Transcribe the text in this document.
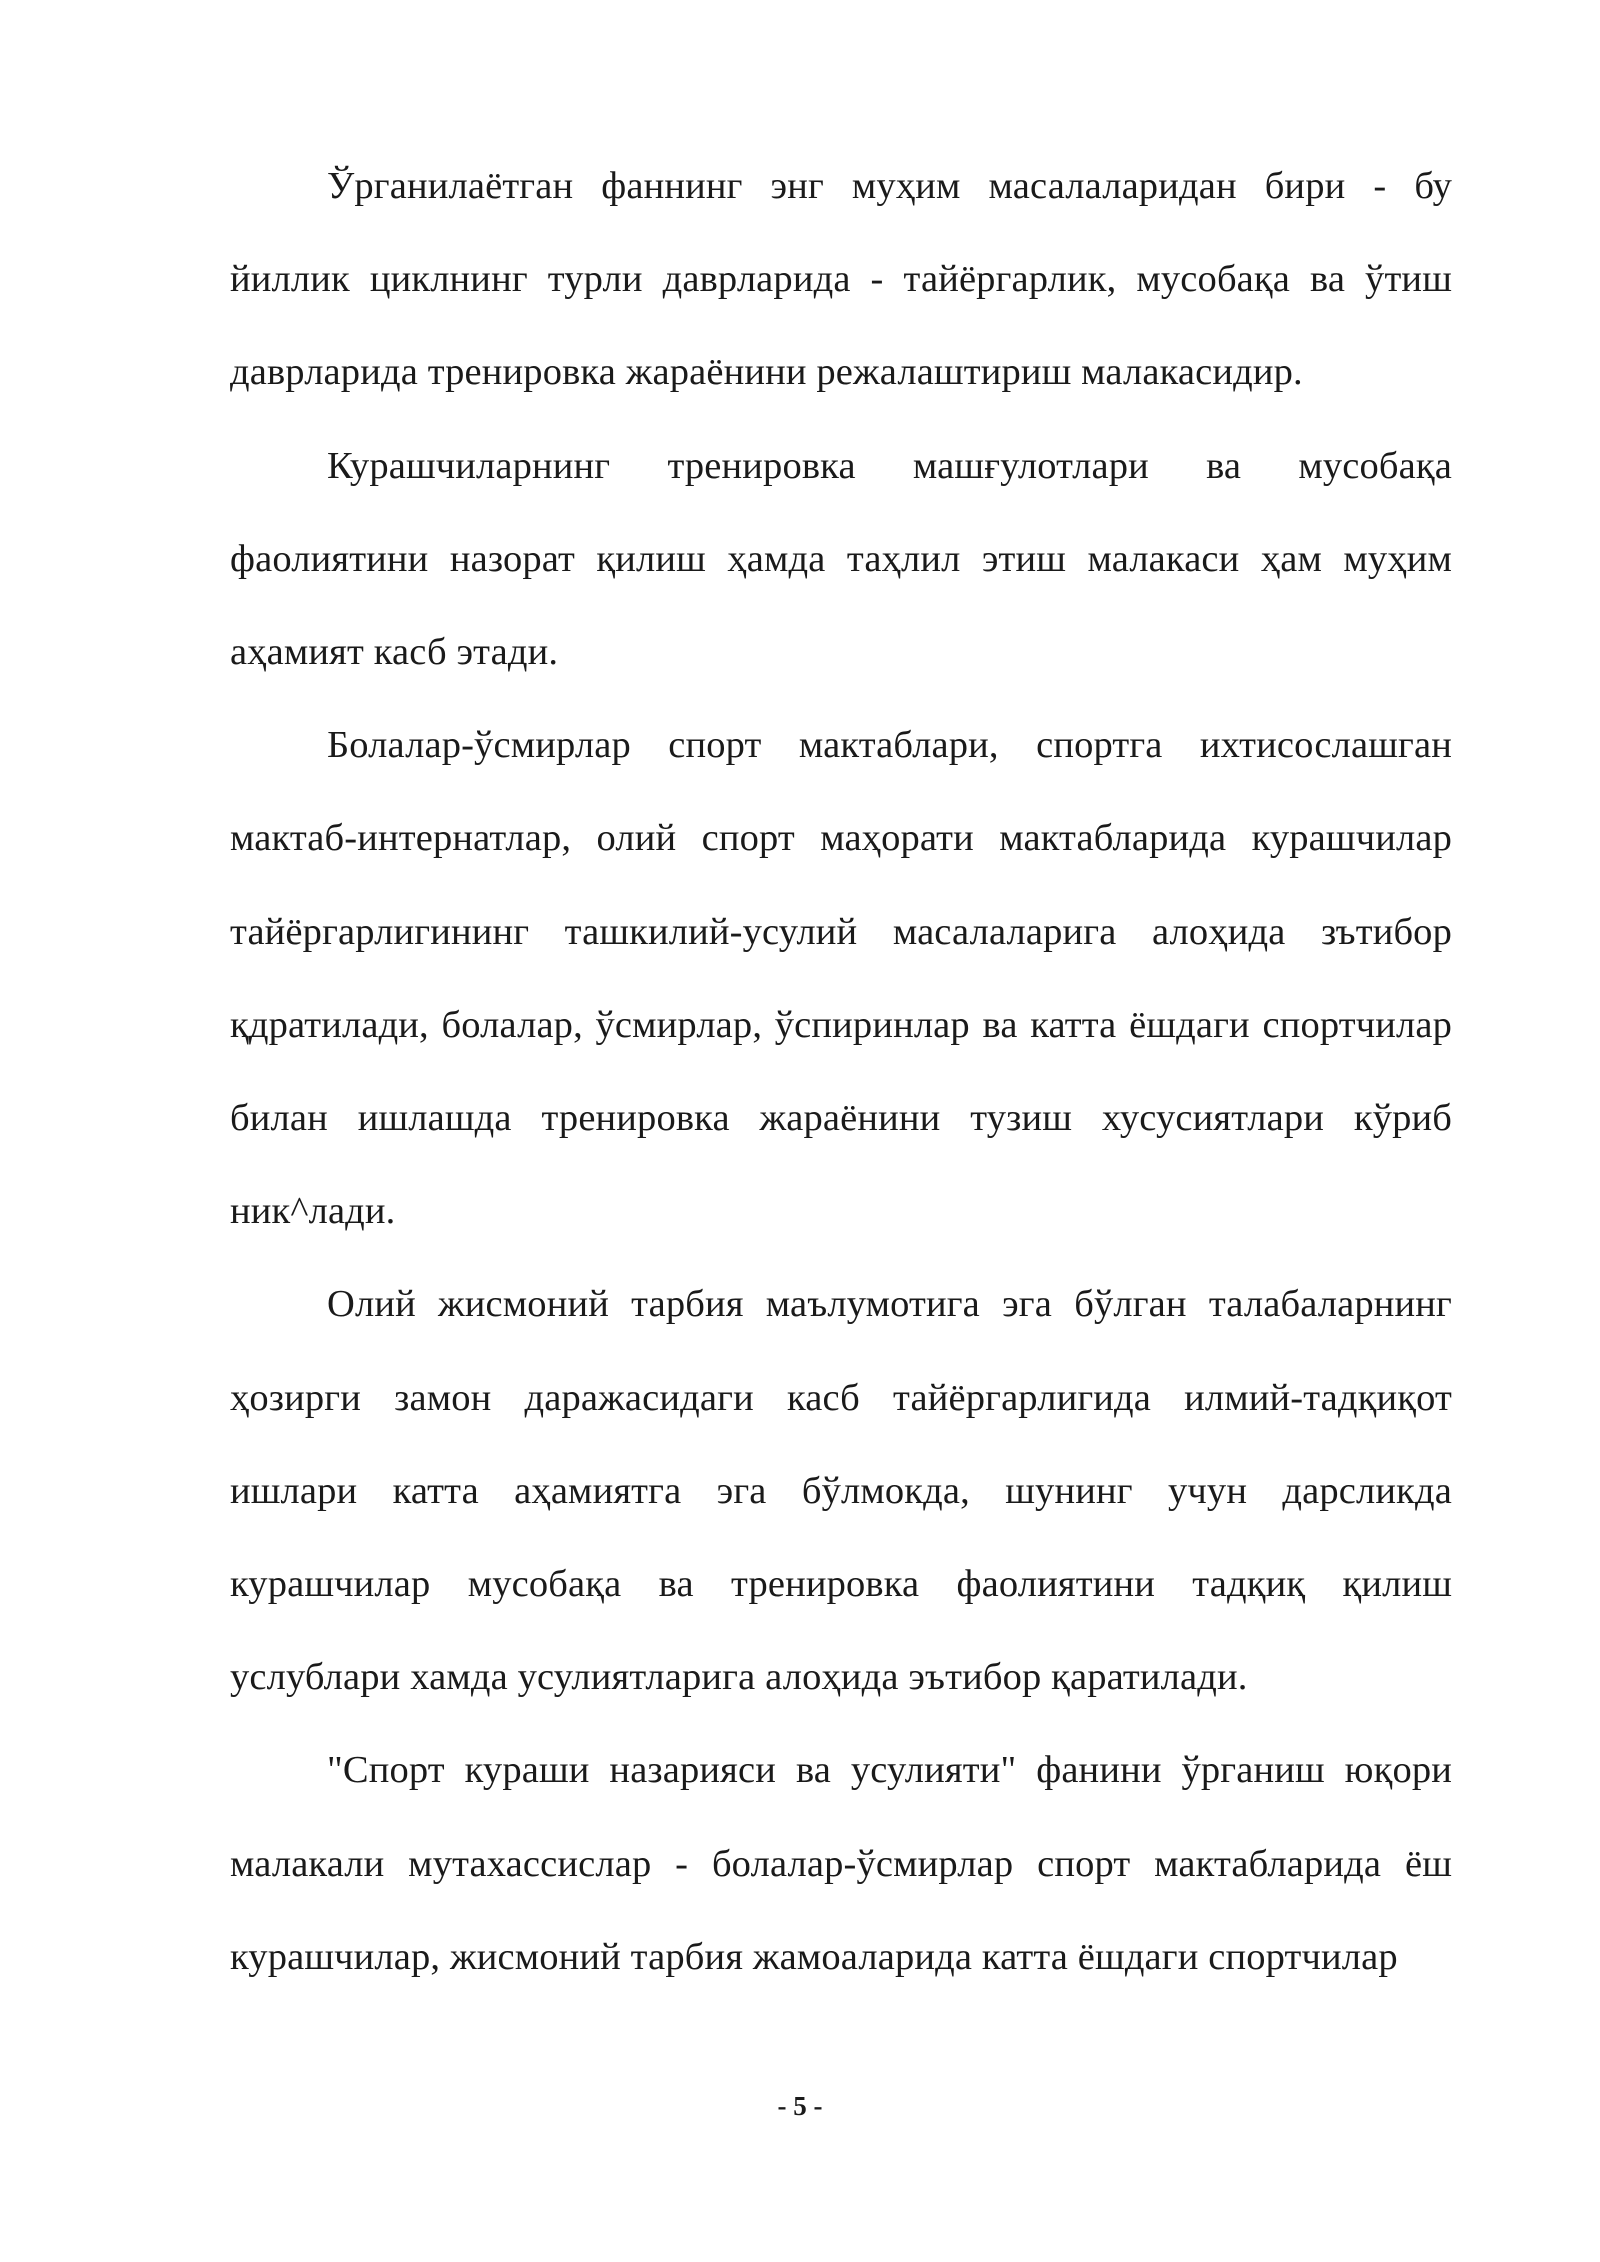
Ўрганилаётган фаннинг энг муҳим масалаларидан бири - бу йиллик циклнинг турли даврларида - тайёргарлик, мусобақа ва ўтиш даврларида тренировка жараёнини режалаштириш малакасидир.

Курашчиларнинг тренировка машғулотлари ва мусобақа фаолиятини назорат қилиш ҳамда таҳлил этиш малакаси ҳам муҳим аҳамият касб этади.

Болалар-ўсмирлар спорт мактаблари, спортга ихтисослашган мактаб-интернатлар, олий спорт маҳорати мактабларида курашчилар тайёргарлигининг ташкилий-усулий масалаларига алоҳида зътибор қдратилади, болалар, ўсмирлар, ўспиринлар ва катта ёшдаги спортчилар билан ишлашда тренировка жараёнини тузиш хусусиятлари кўриб ник^лади.

Олий жисмоний тарбия маълумотига эга бўлган талабаларнинг ҳозирги замон даражасидаги касб тайёргарлигида илмий-тадқиқот ишлари катта аҳамиятга эга бўлмокда, шунинг учун дарсликда курашчилар мусобақа ва тренировка фаолиятини тадқиқ қилиш услублари хамда усулиятларига алоҳида эътибор қаратилади.

"Спорт кураши назарияси ва усулияти" фанини ўрганиш юқори малакали мутахассислар - болалар-ўсмирлар спорт мактабларида ёш курашчилар, жисмоний тарбия жамоаларида катта ёшдаги спортчилар

- 5 -
